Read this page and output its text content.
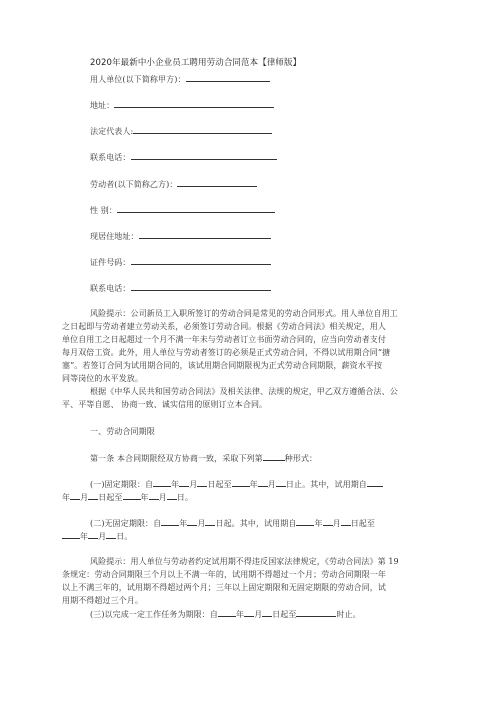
2020年最新中小企业员工聘用劳动合同范本【律师版】
用人单位(以下简称甲方)：
地址：
法定代表人:
联系电话：
劳动者(以下简称乙方)：
性 别：
现居住地址：
证件号码：
联系电话：
风险提示：公司新员工入职所签订的劳动合同是常见的劳动合同形式。用人单位自用工
之日起即与劳动者建立劳动关系，必须签订劳动合同。根据《劳动合同法》相关规定，用人
单位自用工之日起超过一个月不满一年未与劳动者订立书面劳动合同的，应当向劳动者支付
每月双倍工资。此外，用人单位与劳动者签订的必须是正式劳动合同，不得以试用期合同“搪
塞”。若签订合同为试用期合同的，该试用期合同期限视为正式劳动合同期限，薪资水平按
同等岗位的水平发放。
根据《中华人民共和国劳动合同法》及相关法律、法规的规定，甲乙双方遵循合法、公
平、平等自愿、 协商一致、诚实信用的原则订立本合同。
一、劳动合同期限
第一条 本合同期限经双方协商一致，采取下列第	种形式：
(一)固定期限：自 年 月 日起至 年 月 日止。其中，试用期自
年 月 日起至 年 月 日。
(二)无固定期限：自 年 月 日起。其中，试用期自 年 月 日起至
年 月 日。
风险提示：用人单位与劳动者约定试用期不得违反国家法律规定，《劳动合同法》第 19
条规定：劳动合同期限三个月以上不满一年的，试用期不得超过一个月；劳动合同期限一年
以上不满三年的，试用期不得超过两个月；三年以上固定期限和无固定期限的劳动合同，试
用期不得超过三个月。
(三)以完成一定工作任务为期限：自 年 月 日起至	时止。
